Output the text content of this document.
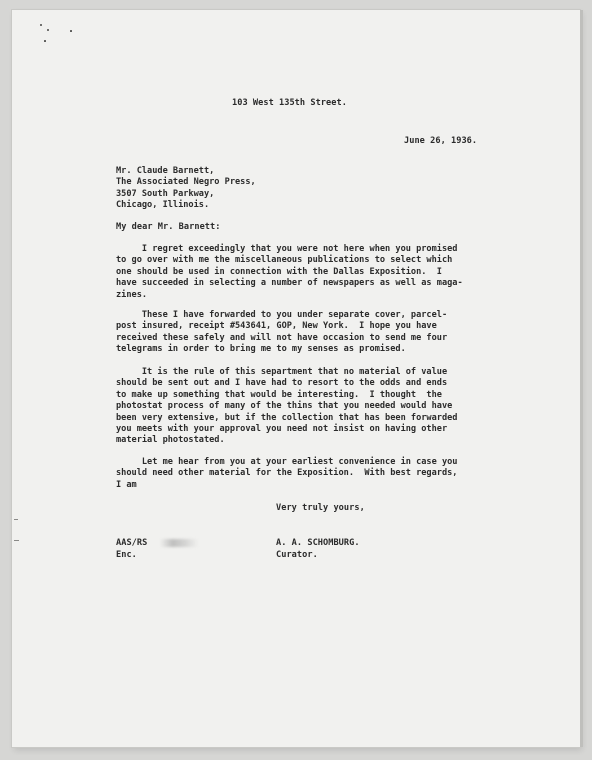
103 West 135th Street.
June 26, 1936.
Mr. Claude Barnett,
The Associated Negro Press,
3507 South Parkway,
Chicago, Illinois.
My dear Mr. Barnett:
I regret exceedingly that you were not here when you promised
to go over with me the miscellaneous publications to select which
one should be used in connection with the Dallas Exposition.  I
have succeeded in selecting a number of newspapers as well as maga-
zines.
These I have forwarded to you under separate cover, parcel-
post insured, receipt #543641, GOP, New York.  I hope you have
received these safely and will not have occasion to send me four
telegrams in order to bring me to my senses as promised.
It is the rule of this separtment that no material of value
should be sent out and I have had to resort to the odds and ends
to make up something that would be interesting.  I thought  the
photostat process of many of the thins that you needed would have
been very extensive, but if the collection that has been forwarded
you meets with your approval you need not insist on having other
material photostated.
Let me hear from you at your earliest convenience in case you
should need other material for the Exposition.  With best regards,
I am
Very truly yours,
AAS/RS
Enc.
A. A. SCHOMBURG.
Curator.
